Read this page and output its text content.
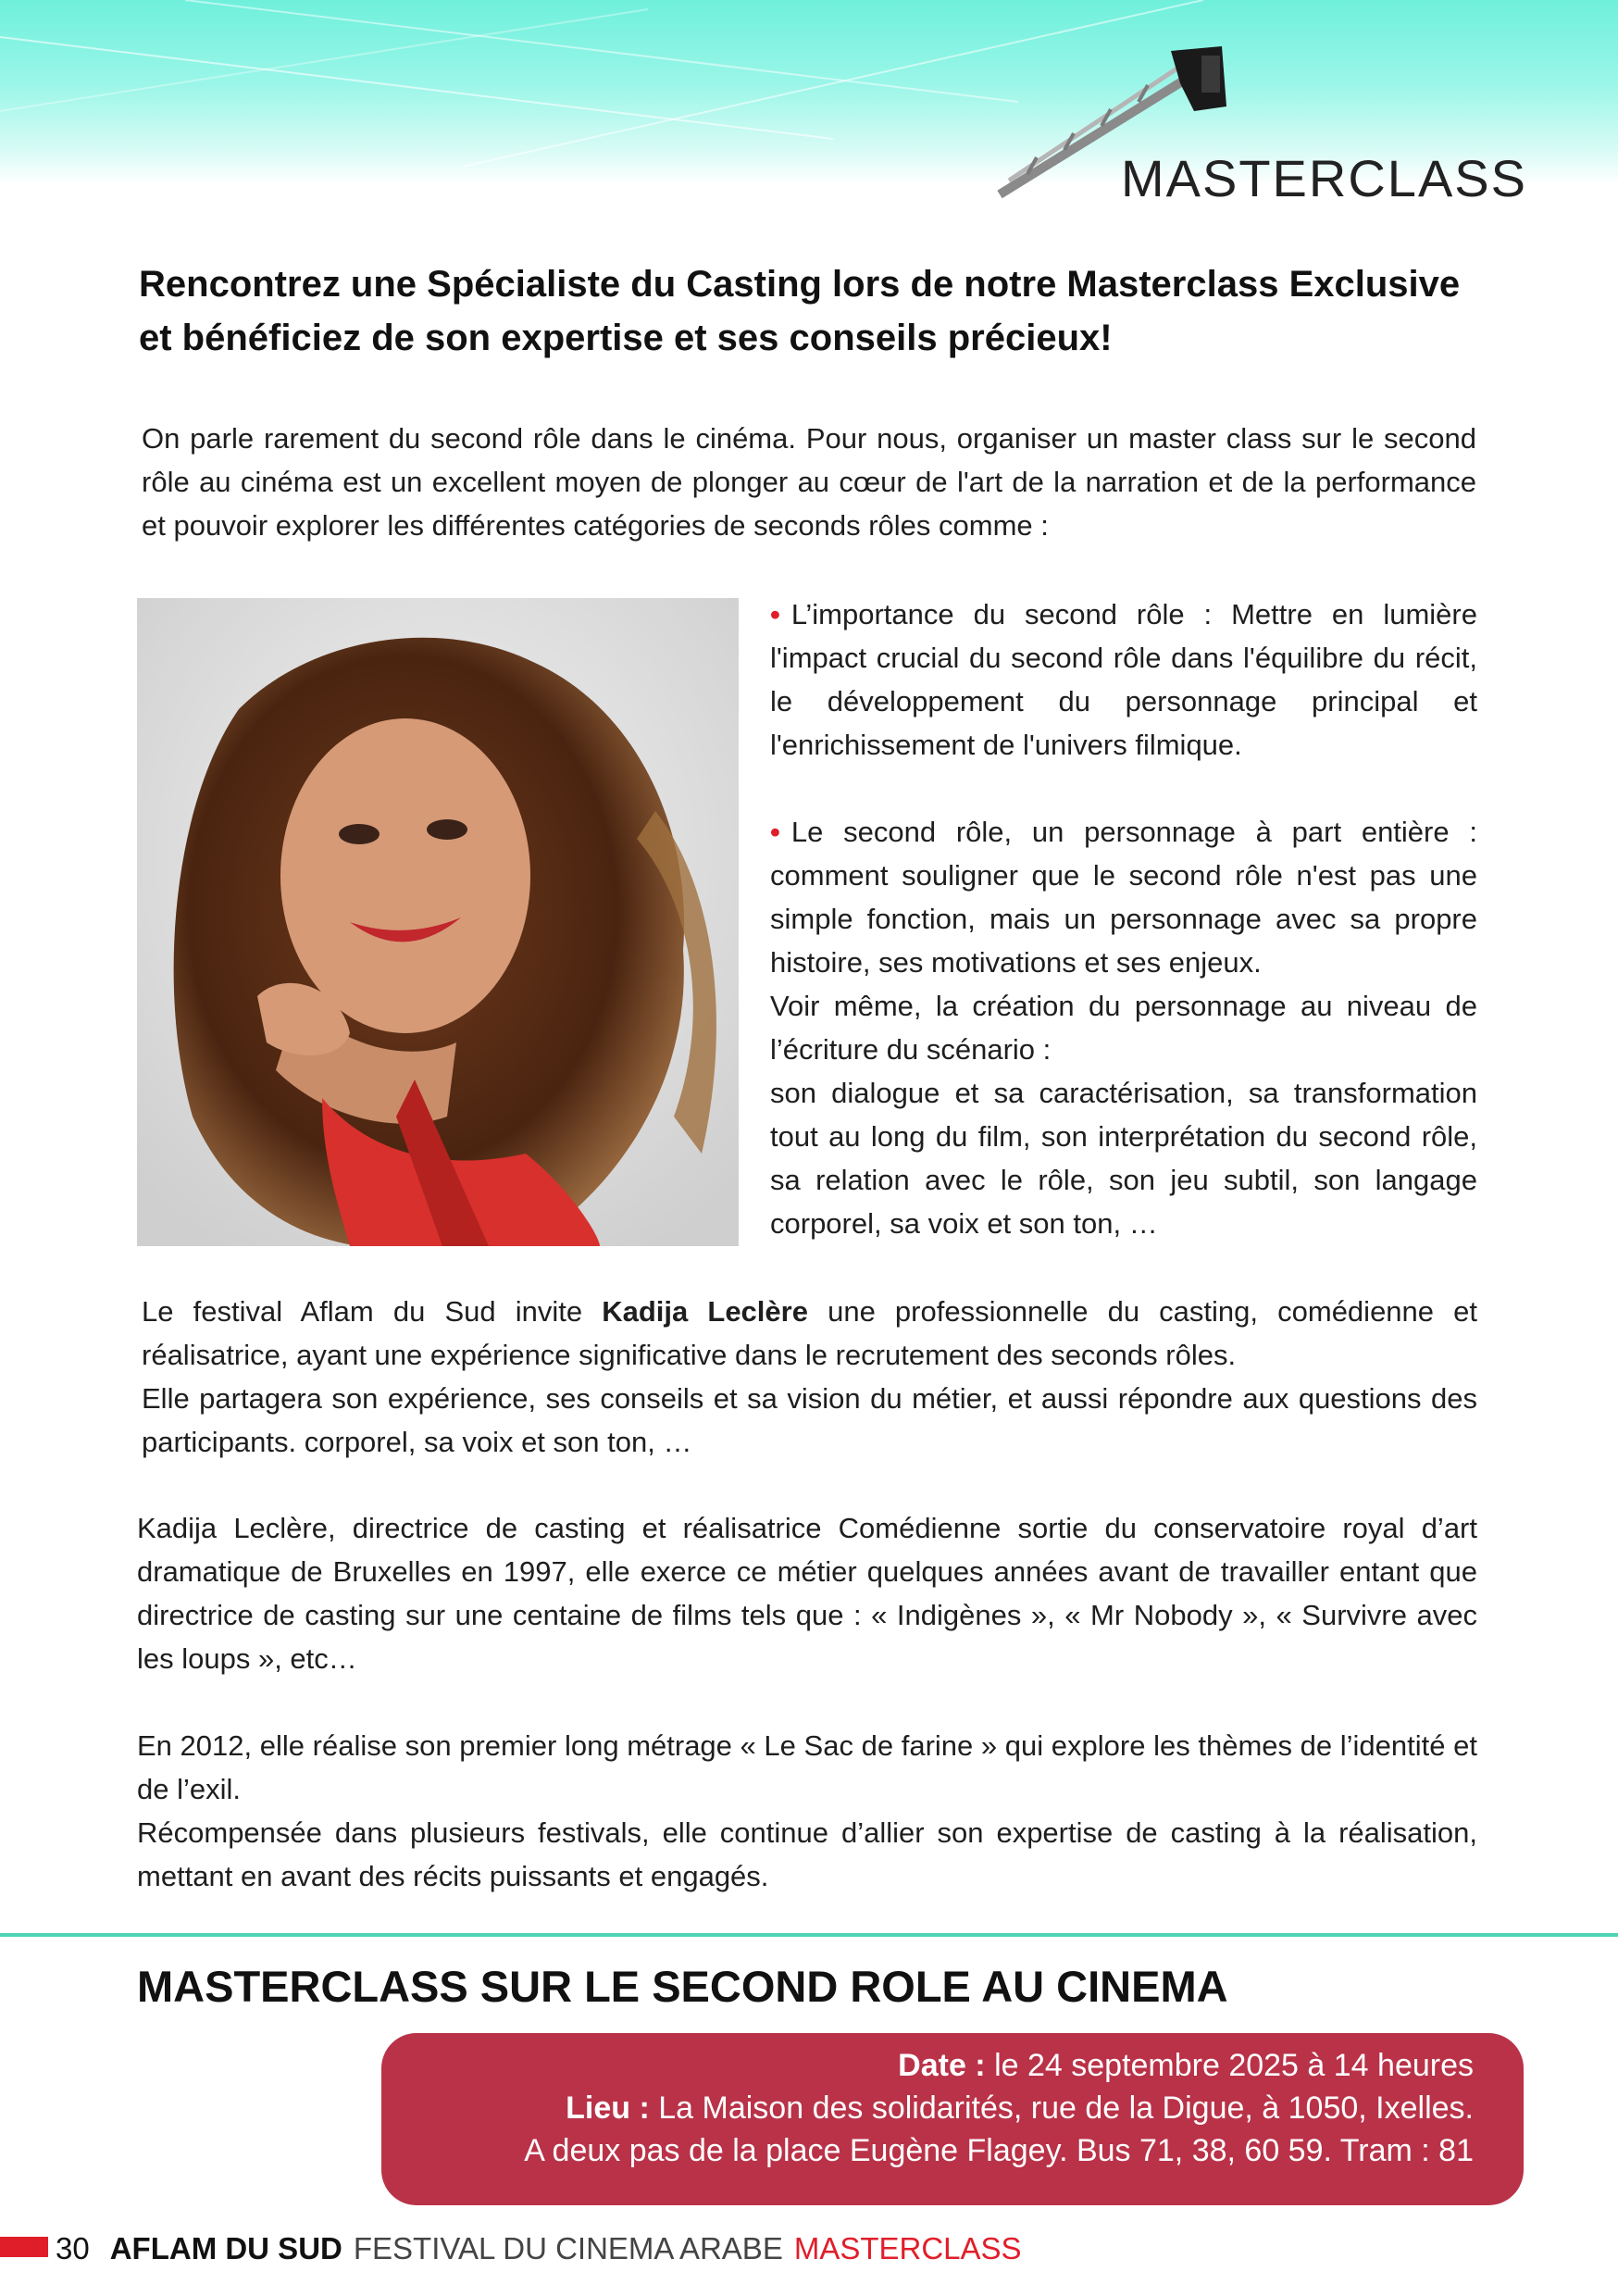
MASTERCLASS
Rencontrez une Spécialiste du Casting lors de notre Masterclass Exclusive
et bénéficiez de son expertise et ses conseils précieux!

On parle rarement du second rôle dans le cinéma. Pour nous, organiser un master class sur le second rôle au cinéma est un excellent moyen de plonger au cœur de l'art de la narration et de la performance et pouvoir explorer les différentes catégories de seconds rôles comme :

• L’importance du second rôle : Mettre en lumière l'impact crucial du second rôle dans l'équilibre du récit, le développement du personnage principal et l'enrichissement de l'univers filmique.

• Le second rôle, un personnage à part entière : comment souligner que le second rôle n'est pas une simple fonction, mais un personnage avec sa propre histoire, ses motivations et ses enjeux.

Voir même, la création du personnage au niveau de l’écriture du scénario :

son dialogue et sa caractérisation, sa transformation tout au long du film, son interprétation du second rôle, sa relation avec le rôle, son jeu subtil, son langage corporel, sa voix et son ton, …

Le festival Aflam du Sud invite Kadija Leclère une professionnelle du casting, comédienne et réalisatrice, ayant une expérience significative dans le recrutement des seconds rôles.

Elle partagera son expérience, ses conseils et sa vision du métier, et aussi répondre aux questions des participants. corporel, sa voix et son ton, …

Kadija Leclère, directrice de casting et réalisatrice Comédienne sortie du conservatoire royal d’art dramatique de Bruxelles en 1997, elle exerce ce métier quelques années avant de travailler entant que directrice de casting sur une centaine de films tels que : « Indigènes », « Mr Nobody », « Survivre avec les loups », etc…

En 2012, elle réalise son premier long métrage « Le Sac de farine » qui explore les thèmes de l’identité et de l’exil.

Récompensée dans plusieurs festivals, elle continue d’allier son expertise de casting à la réalisation, mettant en avant des récits puissants et engagés.

MASTERCLASS SUR LE SECOND ROLE AU CINEMA
Date : le 24 septembre 2025 à 14 heures
Lieu : La Maison des solidarités, rue de la Digue, à 1050, Ixelles.
A deux pas de la place Eugène Flagey. Bus 71, 38, 60 59. Tram : 81
30 AFLAM DU SUD FESTIVAL DU CINEMA ARABE MASTERCLASS
